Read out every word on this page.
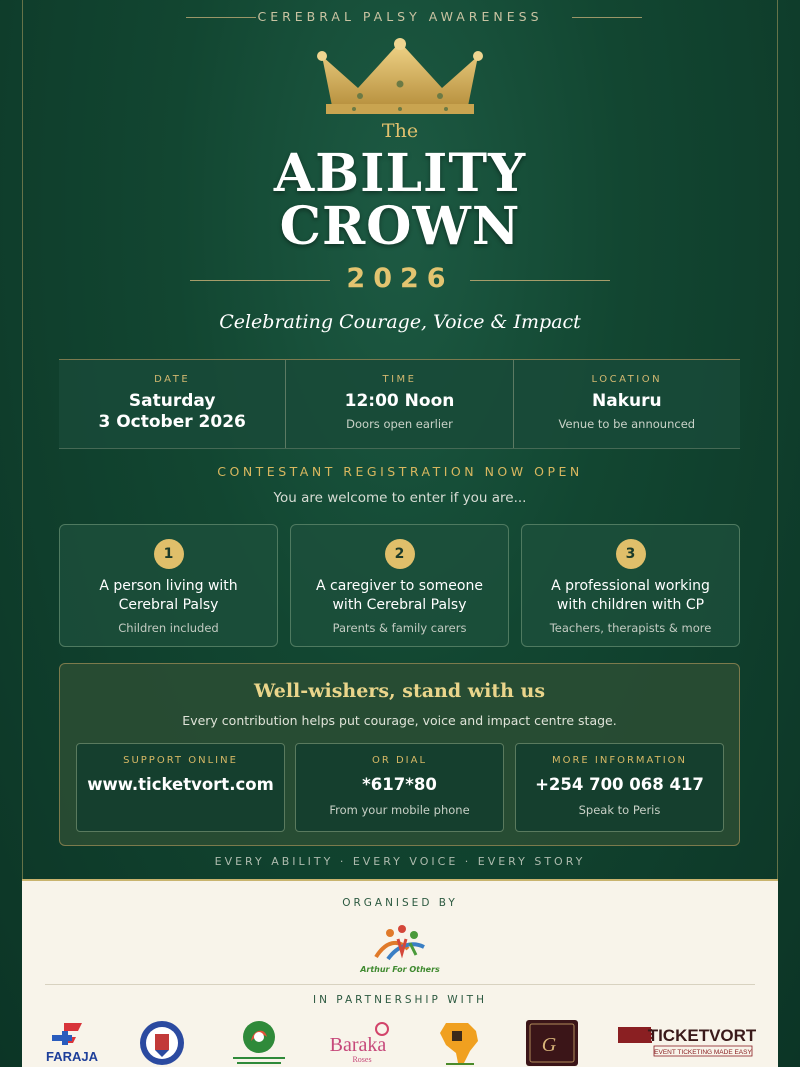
CEREBRAL PALSY AWARENESS
The
ABILITY
CROWN
2026
Celebrating Courage, Voice & Impact
DATE
Saturday
3 October 2026
TIME
12:00 Noon
Doors open earlier
LOCATION
Nakuru
Venue to be announced
CONTESTANT REGISTRATION NOW OPEN
You are welcome to enter if you are...
1
A person living with
Cerebral Palsy
Children included
2
A caregiver to someone
with Cerebral Palsy
Parents & family carers
3
A professional working
with children with CP
Teachers, therapists & more
Well-wishers, stand with us
Every contribution helps put courage, voice and impact centre stage.
SUPPORT ONLINE
www.ticketvort.com
OR DIAL
*617*80
From your mobile phone
MORE INFORMATION
+254 700 068 417
Speak to Peris
EVERY ABILITY · EVERY VOICE · EVERY STORY
ORGANISED BY
Arthur For Others
IN PARTNERSHIP WITH
FARAJA
Baraka
Roses
G	TICKETVORT
EVENT TICKETING MADE EASY
